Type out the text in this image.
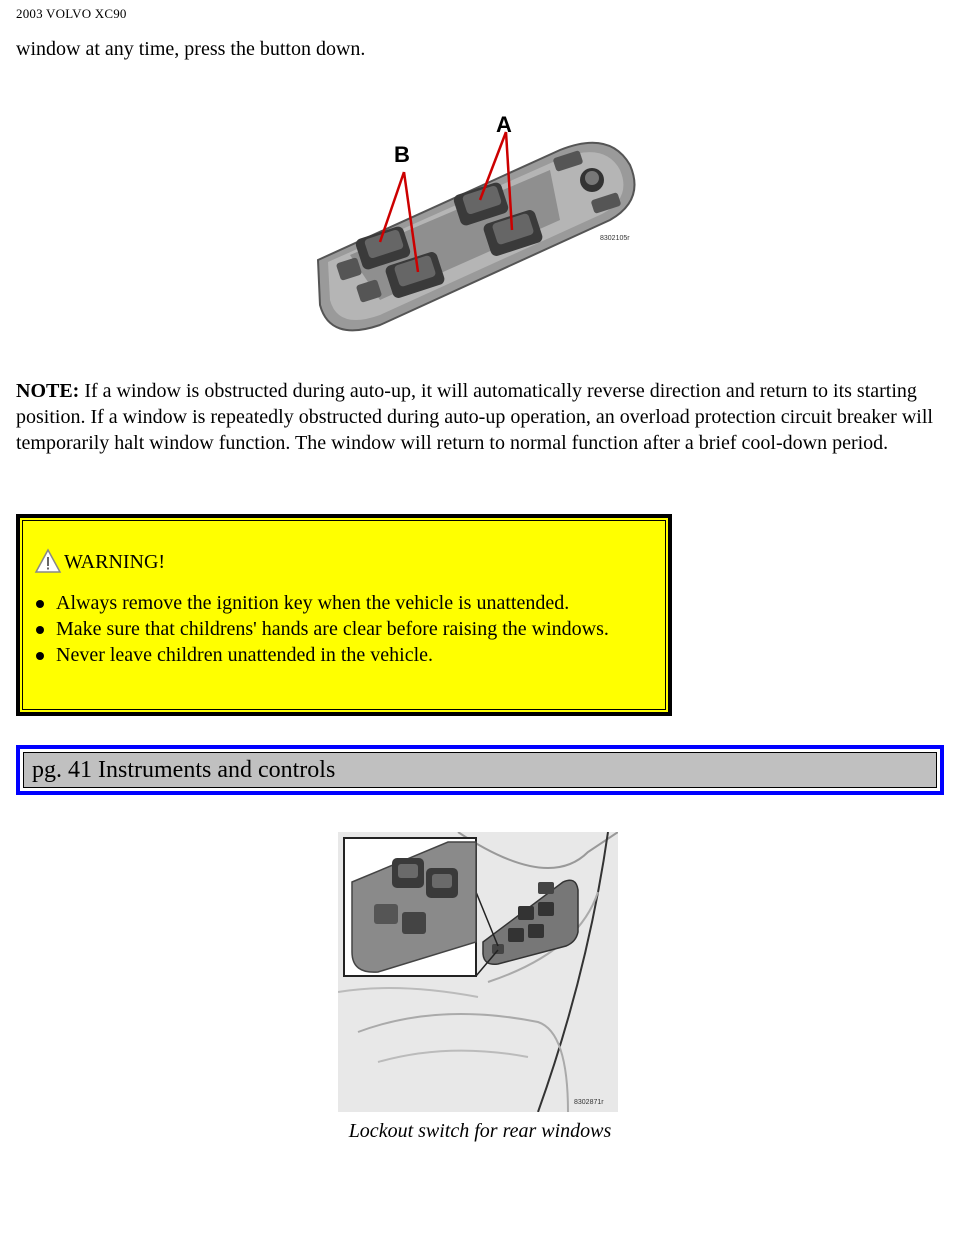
2003 VOLVO XC90
window at any time, press the button down.
A
B
8302105r
NOTE: If a window is obstructed during auto-up, it will automatically reverse direction and return to its starting position. If a window is repeatedly obstructed during auto-up operation, an overload protection circuit breaker will temporarily halt window function. The window will return to normal function after a brief cool-down period.
WARNING!
Always remove the ignition key when the vehicle is unattended.
Make sure that childrens' hands are clear before raising the windows.
Never leave children unattended in the vehicle.
pg. 41 Instruments and controls
8302871r
Lockout switch for rear windows
